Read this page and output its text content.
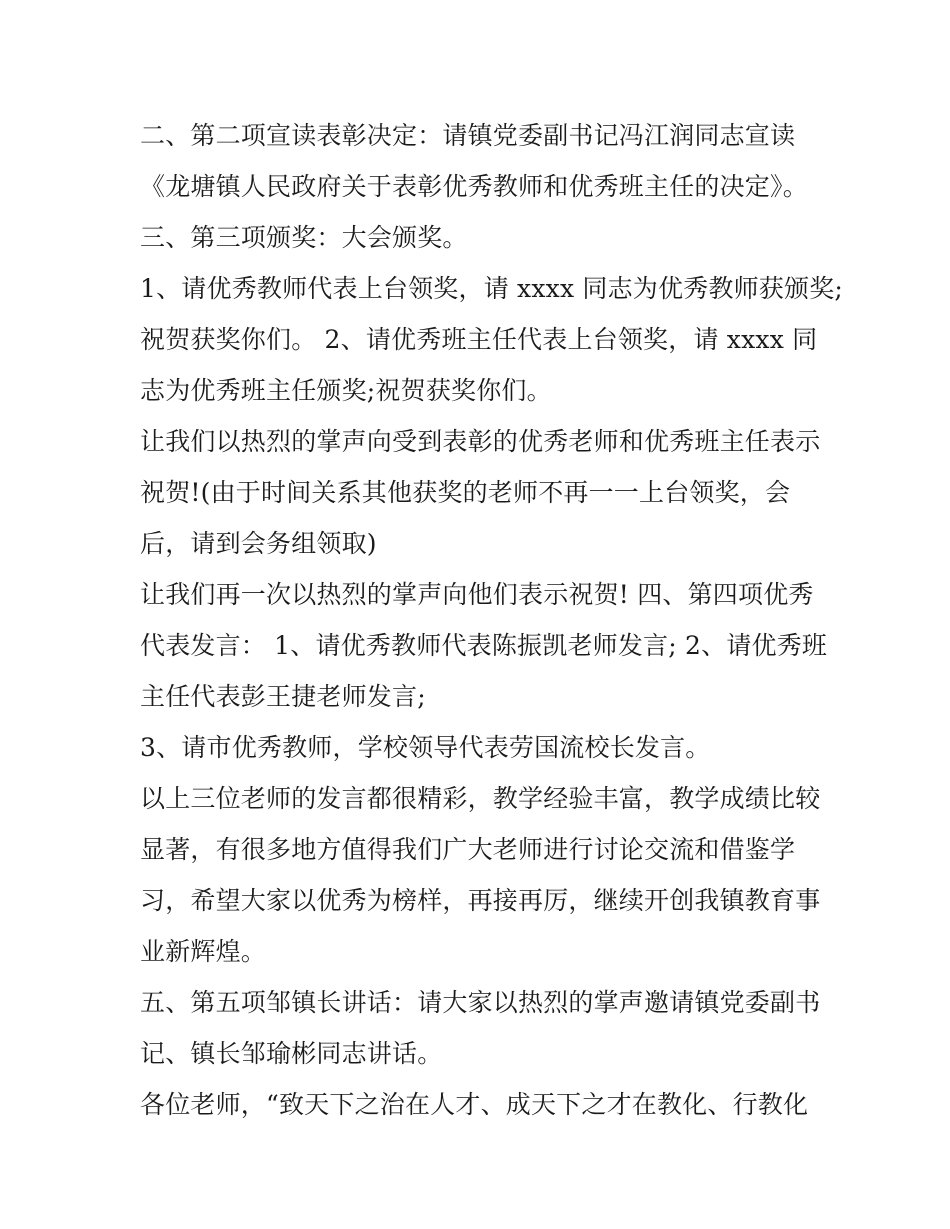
二、第二项宣读表彰决定：请镇党委副书记冯江润同志宣读
《龙塘镇人民政府关于表彰优秀教师和优秀班主任的决定》。
三、第三项颁奖：大会颁奖。
1、请优秀教师代表上台领奖，请 xxxx 同志为优秀教师获颁奖;
祝贺获奖你们。 2、请优秀班主任代表上台领奖，请 xxxx 同
志为优秀班主任颁奖;祝贺获奖你们。
让我们以热烈的掌声向受到表彰的优秀老师和优秀班主任表示
祝贺!(由于时间关系其他获奖的老师不再一一上台领奖，会
后，请到会务组领取)
让我们再一次以热烈的掌声向他们表示祝贺! 四、第四项优秀
代表发言： 1、请优秀教师代表陈振凯老师发言; 2、请优秀班
主任代表彭王捷老师发言;
3、请市优秀教师，学校领导代表劳国流校长发言。
以上三位老师的发言都很精彩，教学经验丰富，教学成绩比较
显著，有很多地方值得我们广大老师进行讨论交流和借鉴学
习，希望大家以优秀为榜样，再接再厉，继续开创我镇教育事
业新辉煌。
五、第五项邹镇长讲话：请大家以热烈的掌声邀请镇党委副书
记、镇长邹瑜彬同志讲话。
各位老师，“致天下之治在人才、成天下之才在教化、行教化
